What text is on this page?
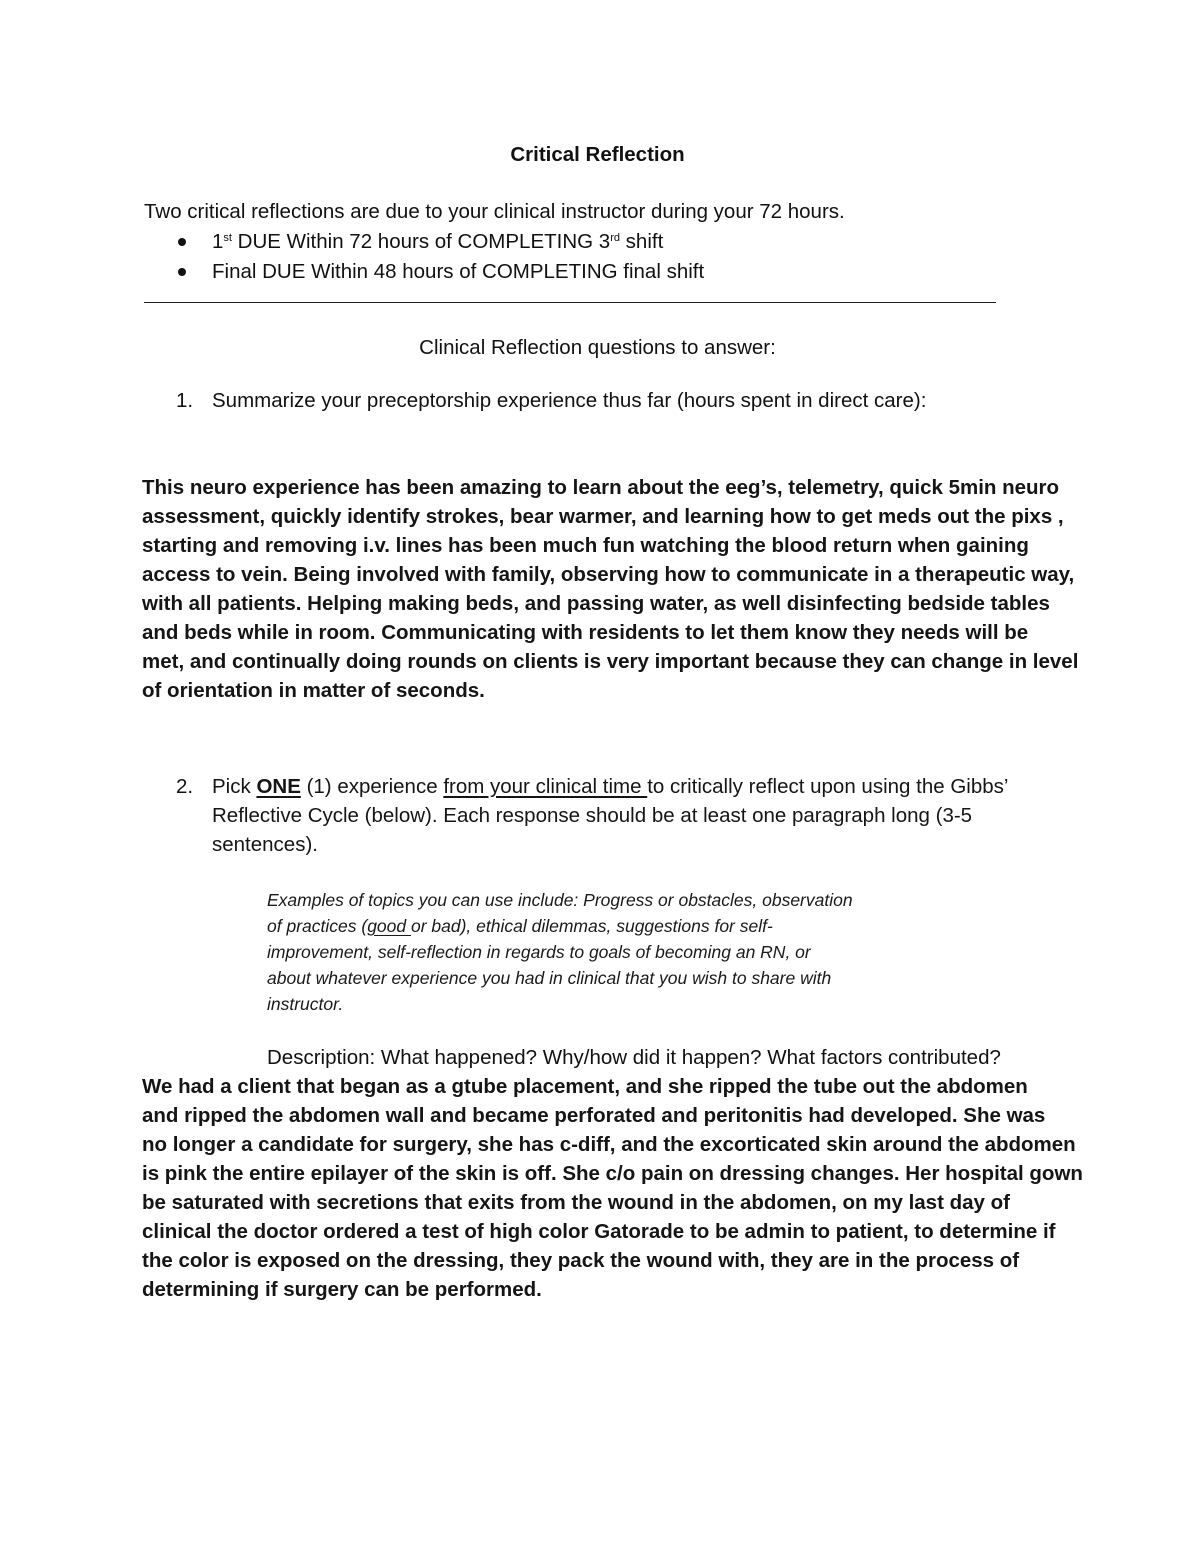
Critical Reflection
Two critical reflections are due to your clinical instructor during your 72 hours.
1st DUE Within 72 hours of COMPLETING 3rd shift
Final DUE Within 48 hours of COMPLETING final shift
Clinical Reflection questions to answer:
1. Summarize your preceptorship experience thus far (hours spent in direct care):
This neuro experience has been amazing to learn about the eeg’s, telemetry, quick 5min neuro
assessment, quickly identify strokes, bear warmer, and learning how to get meds out the pixs ,
starting and removing i.v. lines has been much fun watching the blood return when gaining
access to vein. Being involved with family, observing how to communicate in a therapeutic way,
with all patients. Helping making beds, and passing water, as well disinfecting bedside tables
and beds while in room. Communicating with residents to let them know they needs will be
met, and continually doing rounds on clients is very important because they can change in level
of orientation in matter of seconds.
2. Pick ONE (1) experience from your clinical time to critically reflect upon using the Gibbs’
Reflective Cycle (below). Each response should be at least one paragraph long (3-5
sentences).
Examples of topics you can use include: Progress or obstacles, observation
of practices (good or bad), ethical dilemmas, suggestions for self-
improvement, self-reflection in regards to goals of becoming an RN, or
about whatever experience you had in clinical that you wish to share with
instructor.
Description: What happened? Why/how did it happen? What factors contributed?
We had a client that began as a gtube placement, and she ripped the tube out the abdomen
and ripped the abdomen wall and became perforated and peritonitis had developed. She was
no longer a candidate for surgery, she has c-diff, and the excorticated skin around the abdomen
is pink the entire epilayer of the skin is off. She c/o pain on dressing changes. Her hospital gown
be saturated with secretions that exits from the wound in the abdomen, on my last day of
clinical the doctor ordered a test of high color Gatorade to be admin to patient, to determine if
the color is exposed on the dressing, they pack the wound with, they are in the process of
determining if surgery can be performed.
